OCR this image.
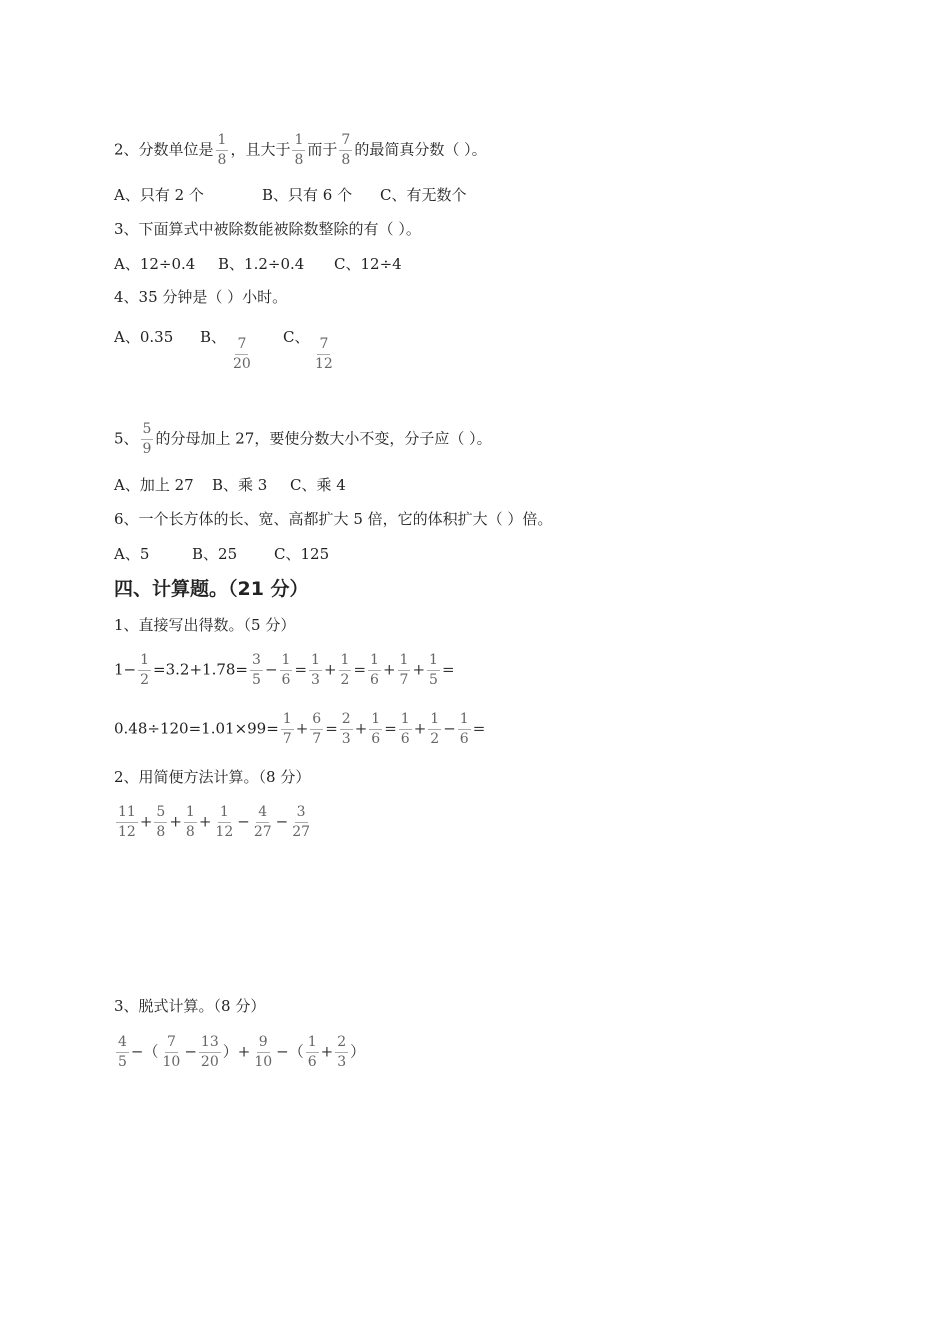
2、分数单位是 $\frac{1}{8}$ ，且大于 $\frac{1}{8}$ 而于 $\frac{7}{8}$ 的最简真分数（ ）。
A、只有 2 个	B、只有 6 个 C、有无数个
3、下面算式中被除数能被除数整除的有（ ）。
A、12÷0.4 B、1.2÷0.4 C、12÷4
4、35 分钟是（ ）小时。
A、0.35 B、 $\frac{7}{20}$ C、 $\frac{7}{12}$
5、 $\frac{5}{9}$ 的分母加上 27，要使分数大小不变，分子应（ ）。
A、加上 27 B、乘 3 C、乘 4
6、一个长方体的长、宽、高都扩大 5 倍，它的体积扩大（ ）倍。
A、5	B、25 C、125
四、计算题。（21 分）
1、直接写出得数。（5 分）
$1- \frac{1}{2} =3.2+1.78= \frac{3}{5} - \frac{1}{6} = \frac{1}{3} + \frac{1}{2} = \frac{1}{6} + \frac{1}{7} + \frac{1}{5}$ =
$0.48\div 120=1.01\times 99= \frac{1}{7} + \frac{6}{7} = \frac{2}{3} + \frac{1}{6} = \frac{1}{6} + \frac{1}{2} - \frac{1}{6}$ =
2、用简便方法计算。（8 分）
$\frac{11}{12} + \frac{5}{8} + \frac{1}{8} + \frac{1}{12} - \frac{4}{27} - \frac{3}{27}$
3、脱式计算。（8 分）
$\frac{4}{5}$ −（ $\frac{7}{10} - \frac{13}{20}$ ）+ $\frac{9}{10}$ −（ $\frac{1}{6} + \frac{2}{3}$ ）
